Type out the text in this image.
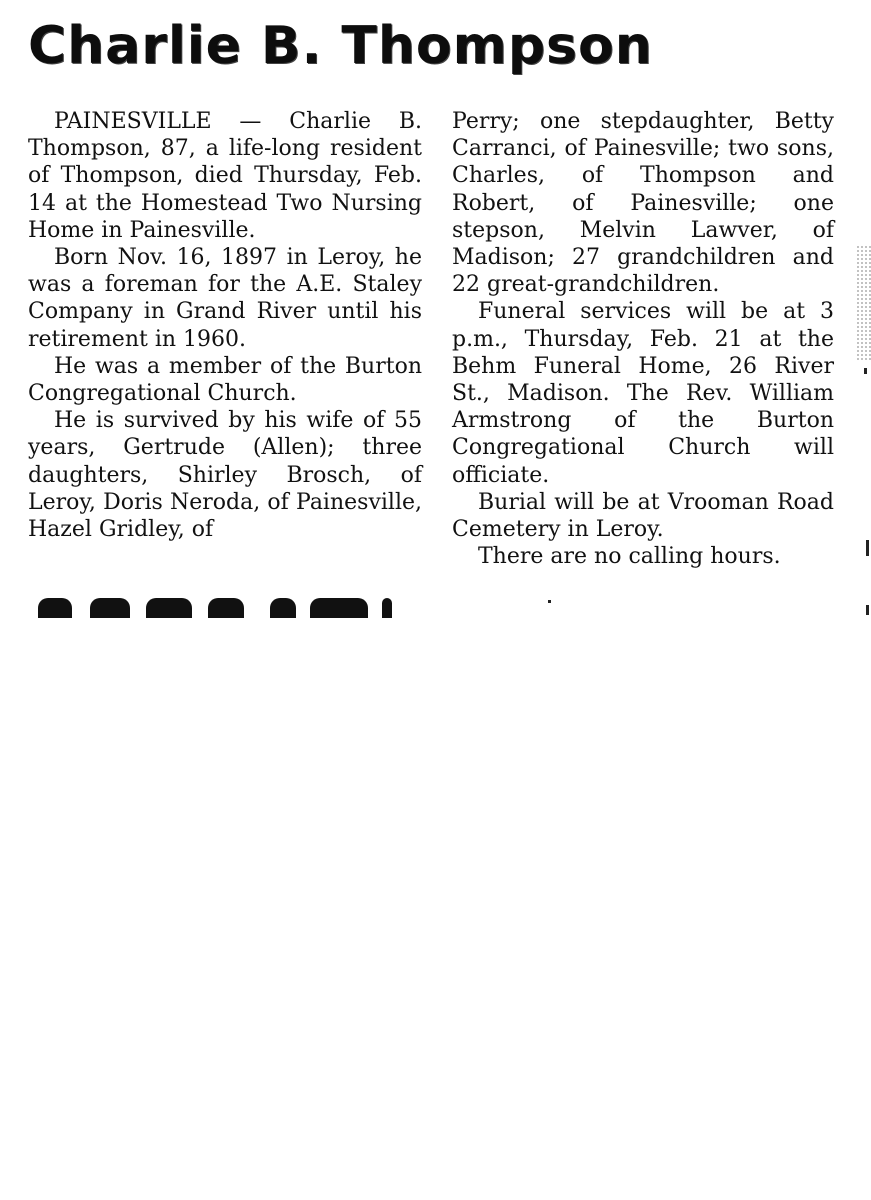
Charlie B. Thompson

PAINESVILLE — Charlie B. Thompson, 87, a life-long resident of Thompson, died Thursday, Feb. 14 at the Homestead Two Nursing Home in Painesville.

Born Nov. 16, 1897 in Leroy, he was a foreman for the A.E. Staley Company in Grand River until his retirement in 1960.

He was a member of the Burton Congregational Church.

He is survived by his wife of 55 years, Gertrude (Allen); three daughters, Shirley Brosch, of Leroy, Doris Neroda, of Painesville, Hazel Gridley, of

Perry; one stepdaughter, Betty Carranci, of Painesville; two sons, Charles, of Thompson and Robert, of Painesville; one stepson, Melvin Lawver, of Madison; 27 grandchildren and 22 great-grandchildren.

Funeral services will be at 3 p.m., Thursday, Feb. 21 at the Behm Funeral Home, 26 River St., Madison. The Rev. William Armstrong of the Burton Congregational Church will officiate.

Burial will be at Vrooman Road Cemetery in Leroy.

There are no calling hours.
